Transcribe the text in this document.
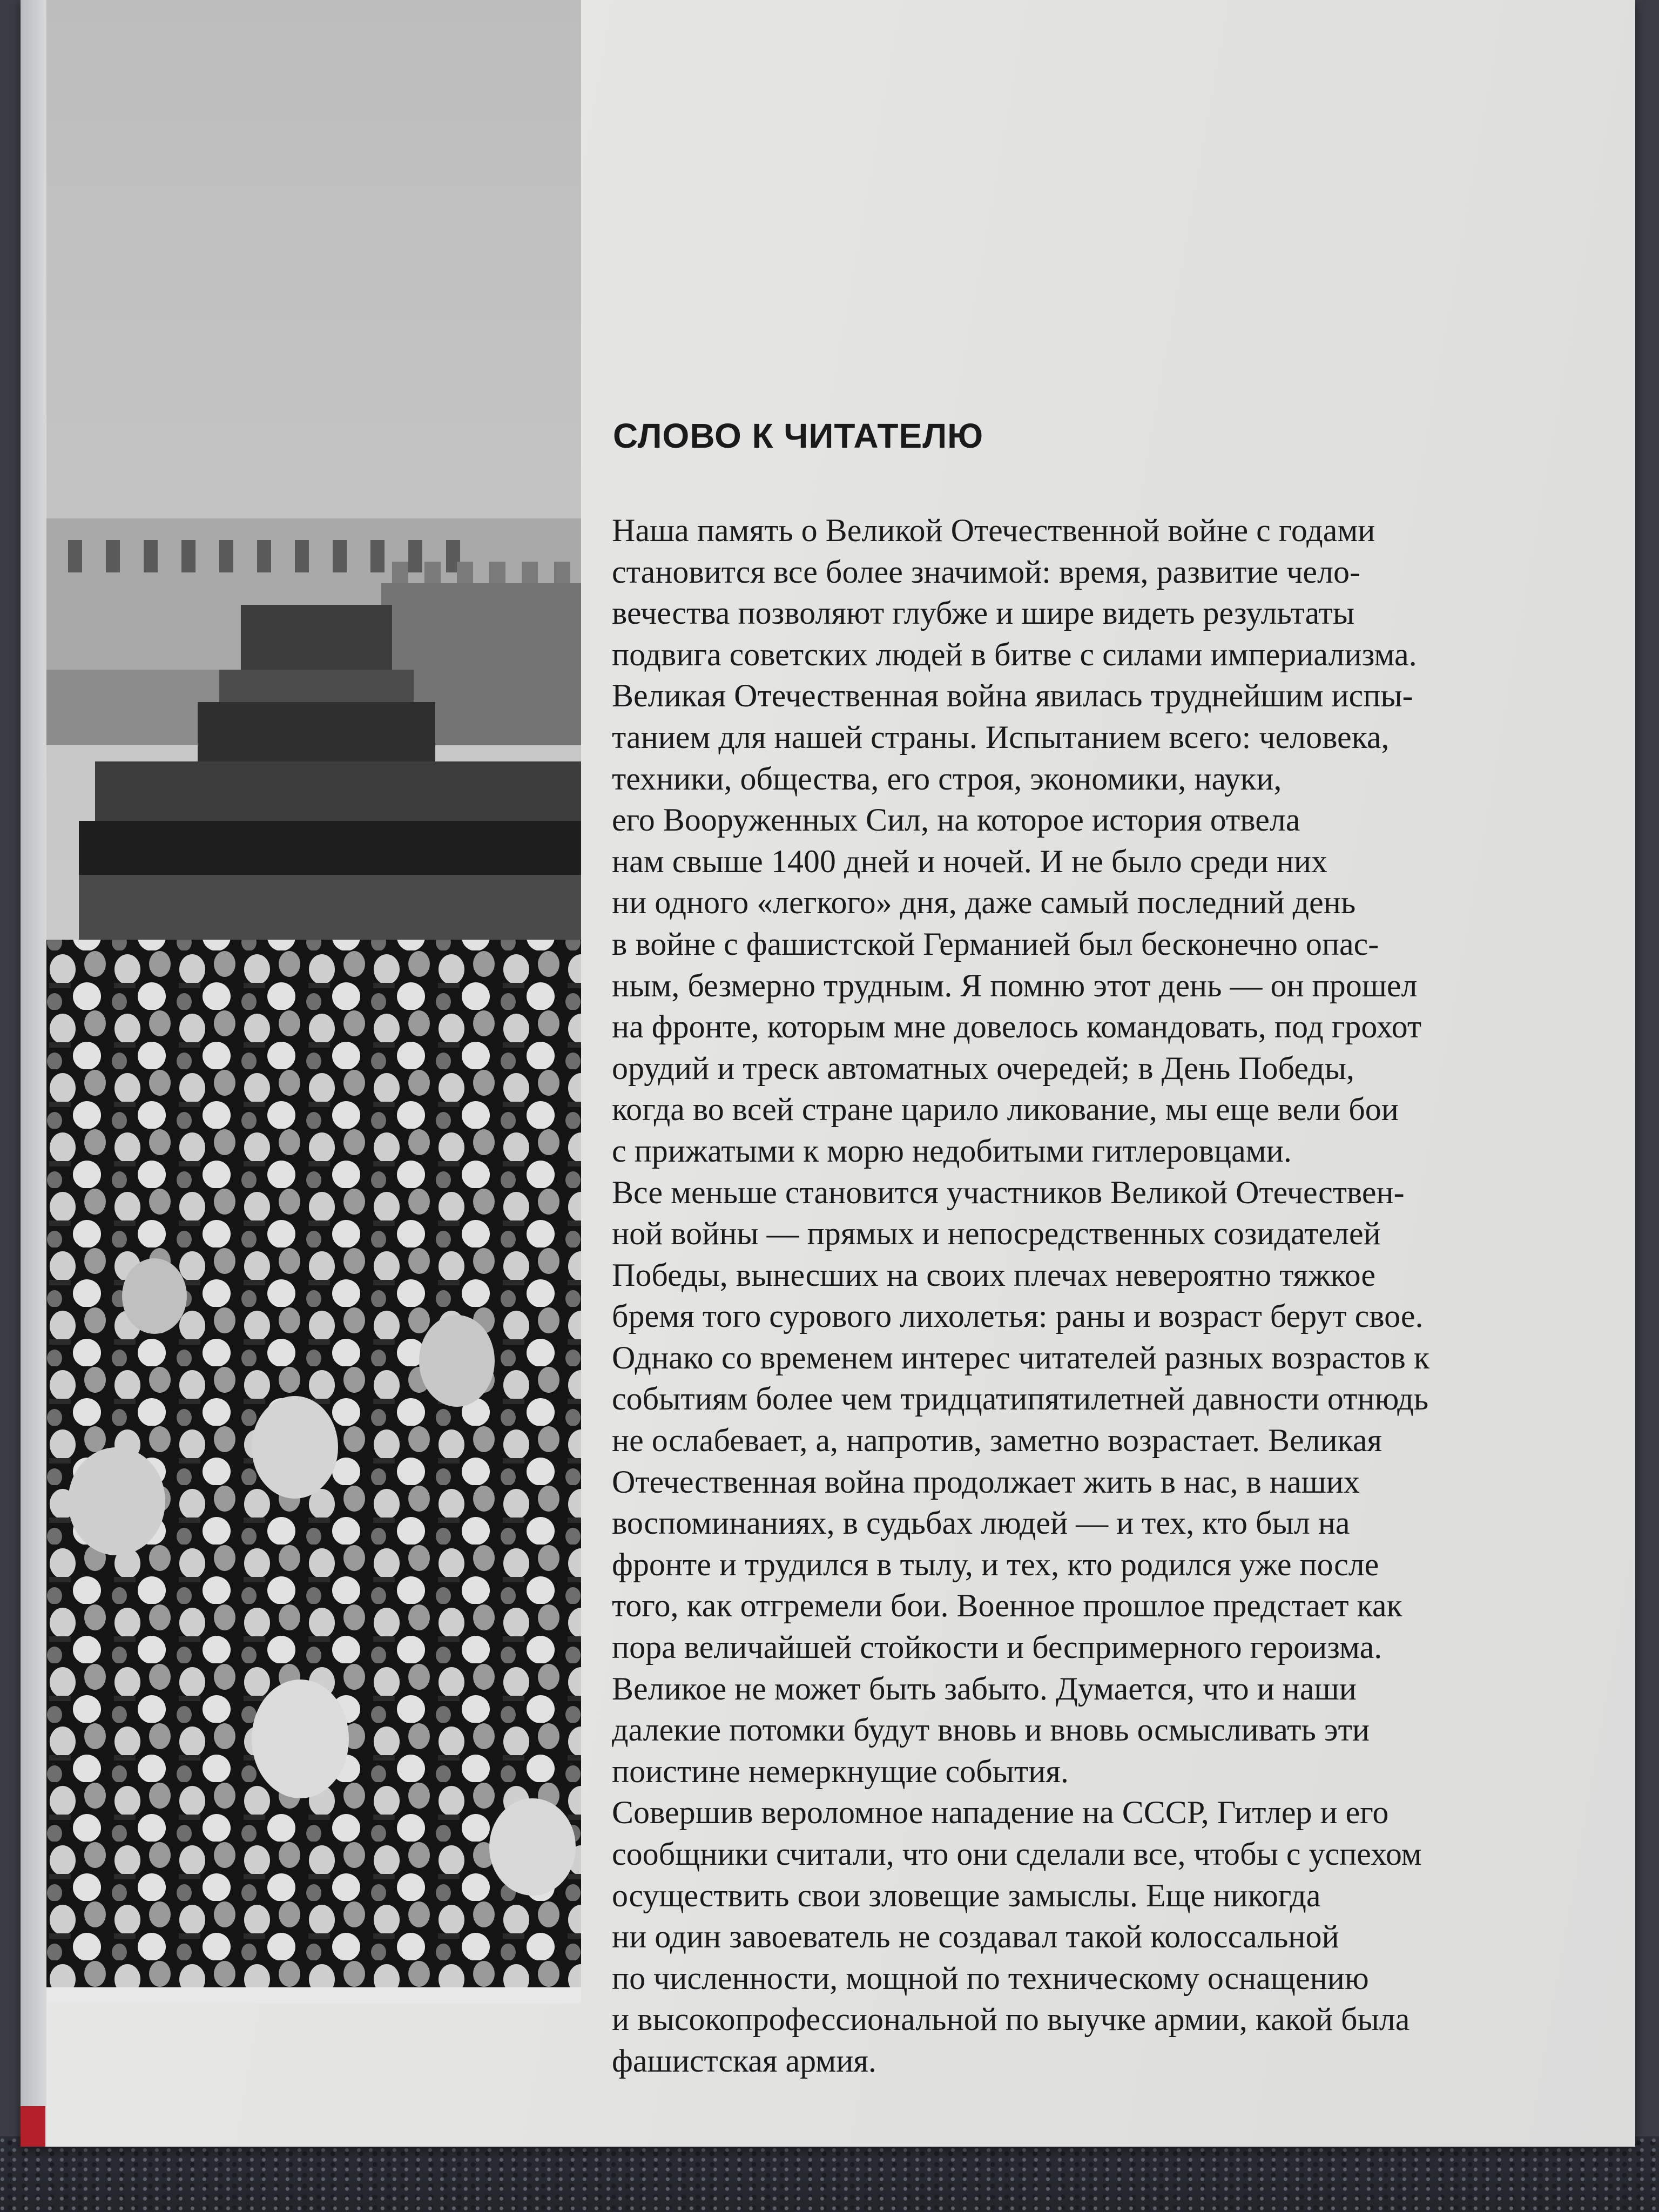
СЛОВО К ЧИТАТЕЛЮ
Наша память о Великой Отечественной войне с годами
становится все более значимой: время, развитие чело-
вечества позволяют глубже и шире видеть результаты
подвига советских людей в битве с силами империализма.
Великая Отечественная война явилась труднейшим испы-
танием для нашей страны. Испытанием всего: человека,
техники, общества, его строя, экономики, науки,
его Вооруженных Сил, на которое история отвела
нам свыше 1400 дней и ночей. И не было среди них
ни одного «легкого» дня, даже самый последний день
в войне с фашистской Германией был бесконечно опас-
ным, безмерно трудным. Я помню этот день — он прошел
на фронте, которым мне довелось командовать, под грохот
орудий и треск автоматных очередей; в День Победы,
когда во всей стране царило ликование, мы еще вели бои
с прижатыми к морю недобитыми гитлеровцами.
Все меньше становится участников Великой Отечествен-
ной войны — прямых и непосредственных созидателей
Победы, вынесших на своих плечах невероятно тяжкое
бремя того сурового лихолетья: раны и возраст берут свое.
Однако со временем интерес читателей разных возрастов к
событиям более чем тридцатипятилетней давности отнюдь
не ослабевает, а, напротив, заметно возрастает. Великая
Отечественная война продолжает жить в нас, в наших
воспоминаниях, в судьбах людей — и тех, кто был на
фронте и трудился в тылу, и тех, кто родился уже после
того, как отгремели бои. Военное прошлое предстает как
пора величайшей стойкости и беспримерного героизма.
Великое не может быть забыто. Думается, что и наши
далекие потомки будут вновь и вновь осмысливать эти
поистине немеркнущие события.
Совершив вероломное нападение на СССР, Гитлер и его
сообщники считали, что они сделали все, чтобы с успехом
осуществить свои зловещие замыслы. Еще никогда
ни один завоеватель не создавал такой колоссальной
по численности, мощной по техническому оснащению
и высокопрофессиональной по выучке армии, какой была
фашистская армия.
